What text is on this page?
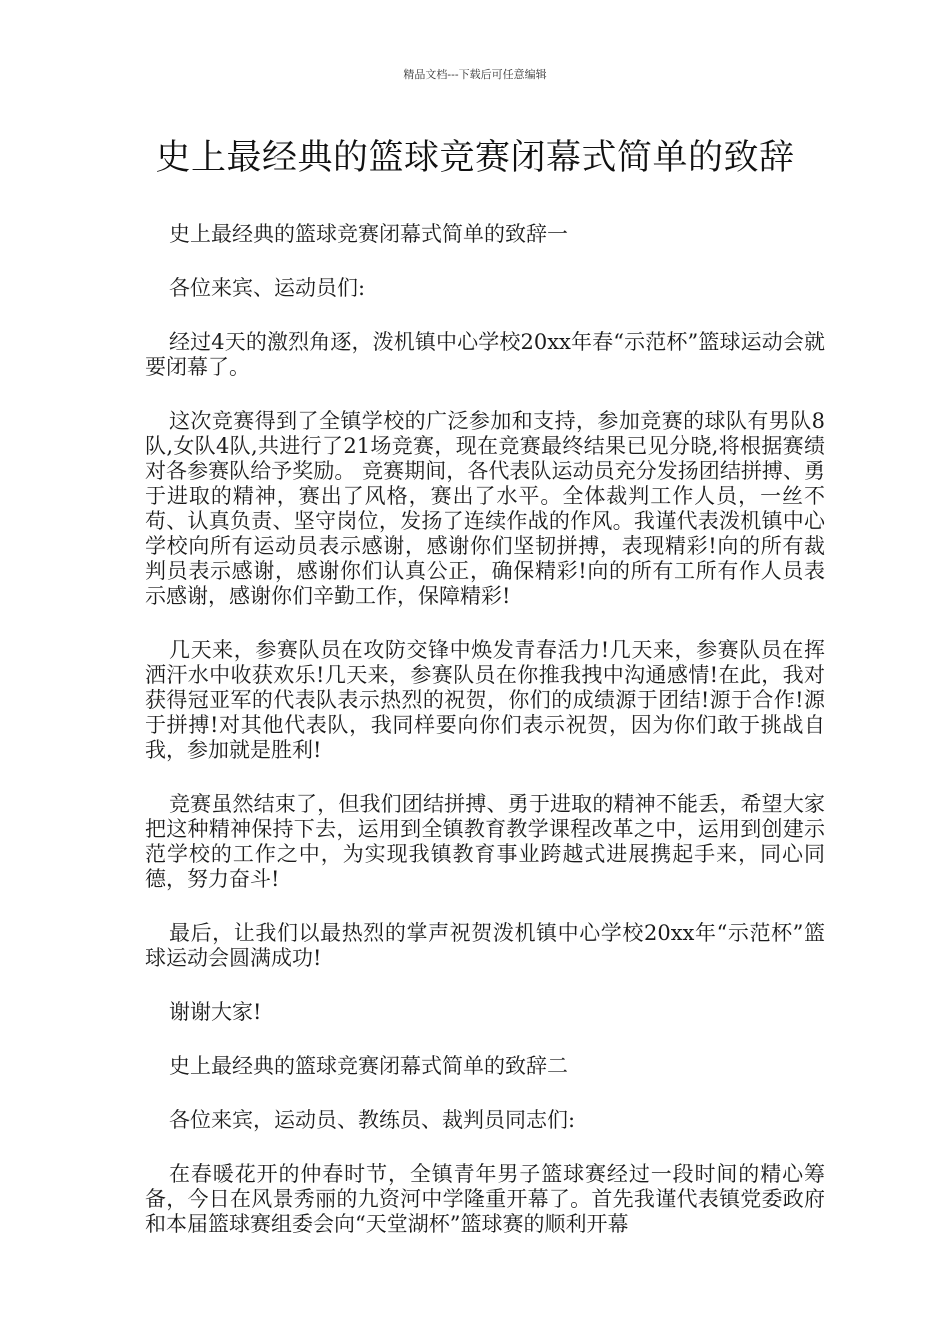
精品文档---下载后可任意编辑
史上最经典的篮球竞赛闭幕式简单的致辞

史上最经典的篮球竞赛闭幕式简单的致辞一

各位来宾、运动员们:

经过4天的激烈角逐，泼机镇中心学校20xx年春“示范杯”篮球运动会就要闭幕了。

这次竞赛得到了全镇学校的广泛参加和支持，参加竞赛的球队有男队8队,女队4队,共进行了21场竞赛，现在竞赛最终结果已见分晓,将根据赛绩对各参赛队给予奖励。 竞赛期间，各代表队运动员充分发扬团结拼搏、勇于进取的精神，赛出了风格，赛出了水平。全体裁判工作人员，一丝不苟、认真负责、坚守岗位，发扬了连续作战的作风。我谨代表泼机镇中心学校向所有运动员表示感谢，感谢你们坚韧拼搏，表现精彩!向的所有裁判员表示感谢，感谢你们认真公正，确保精彩!向的所有工所有作人员表示感谢，感谢你们辛勤工作，保障精彩!

几天来，参赛队员在攻防交锋中焕发青春活力!几天来，参赛队员在挥洒汗水中收获欢乐!几天来，参赛队员在你推我拽中沟通感情!在此，我对获得冠亚军的代表队表示热烈的祝贺，你们的成绩源于团结!源于合作!源于拼搏!对其他代表队，我同样要向你们表示祝贺，因为你们敢于挑战自我，参加就是胜利!

竞赛虽然结束了，但我们团结拼搏、勇于进取的精神不能丢，希望大家把这种精神保持下去，运用到全镇教育教学课程改革之中，运用到创建示范学校的工作之中，为实现我镇教育事业跨越式进展携起手来，同心同德，努力奋斗!

最后，让我们以最热烈的掌声祝贺泼机镇中心学校20xx年“示范杯”篮球运动会圆满成功!

谢谢大家!

史上最经典的篮球竞赛闭幕式简单的致辞二

各位来宾，运动员、教练员、裁判员同志们:

在春暖花开的仲春时节，全镇青年男子篮球赛经过一段时间的精心筹备，今日在风景秀丽的九资河中学隆重开幕了。首先我谨代表镇党委政府和本届篮球赛组委会向“天堂湖杯”篮球赛的顺利开幕
